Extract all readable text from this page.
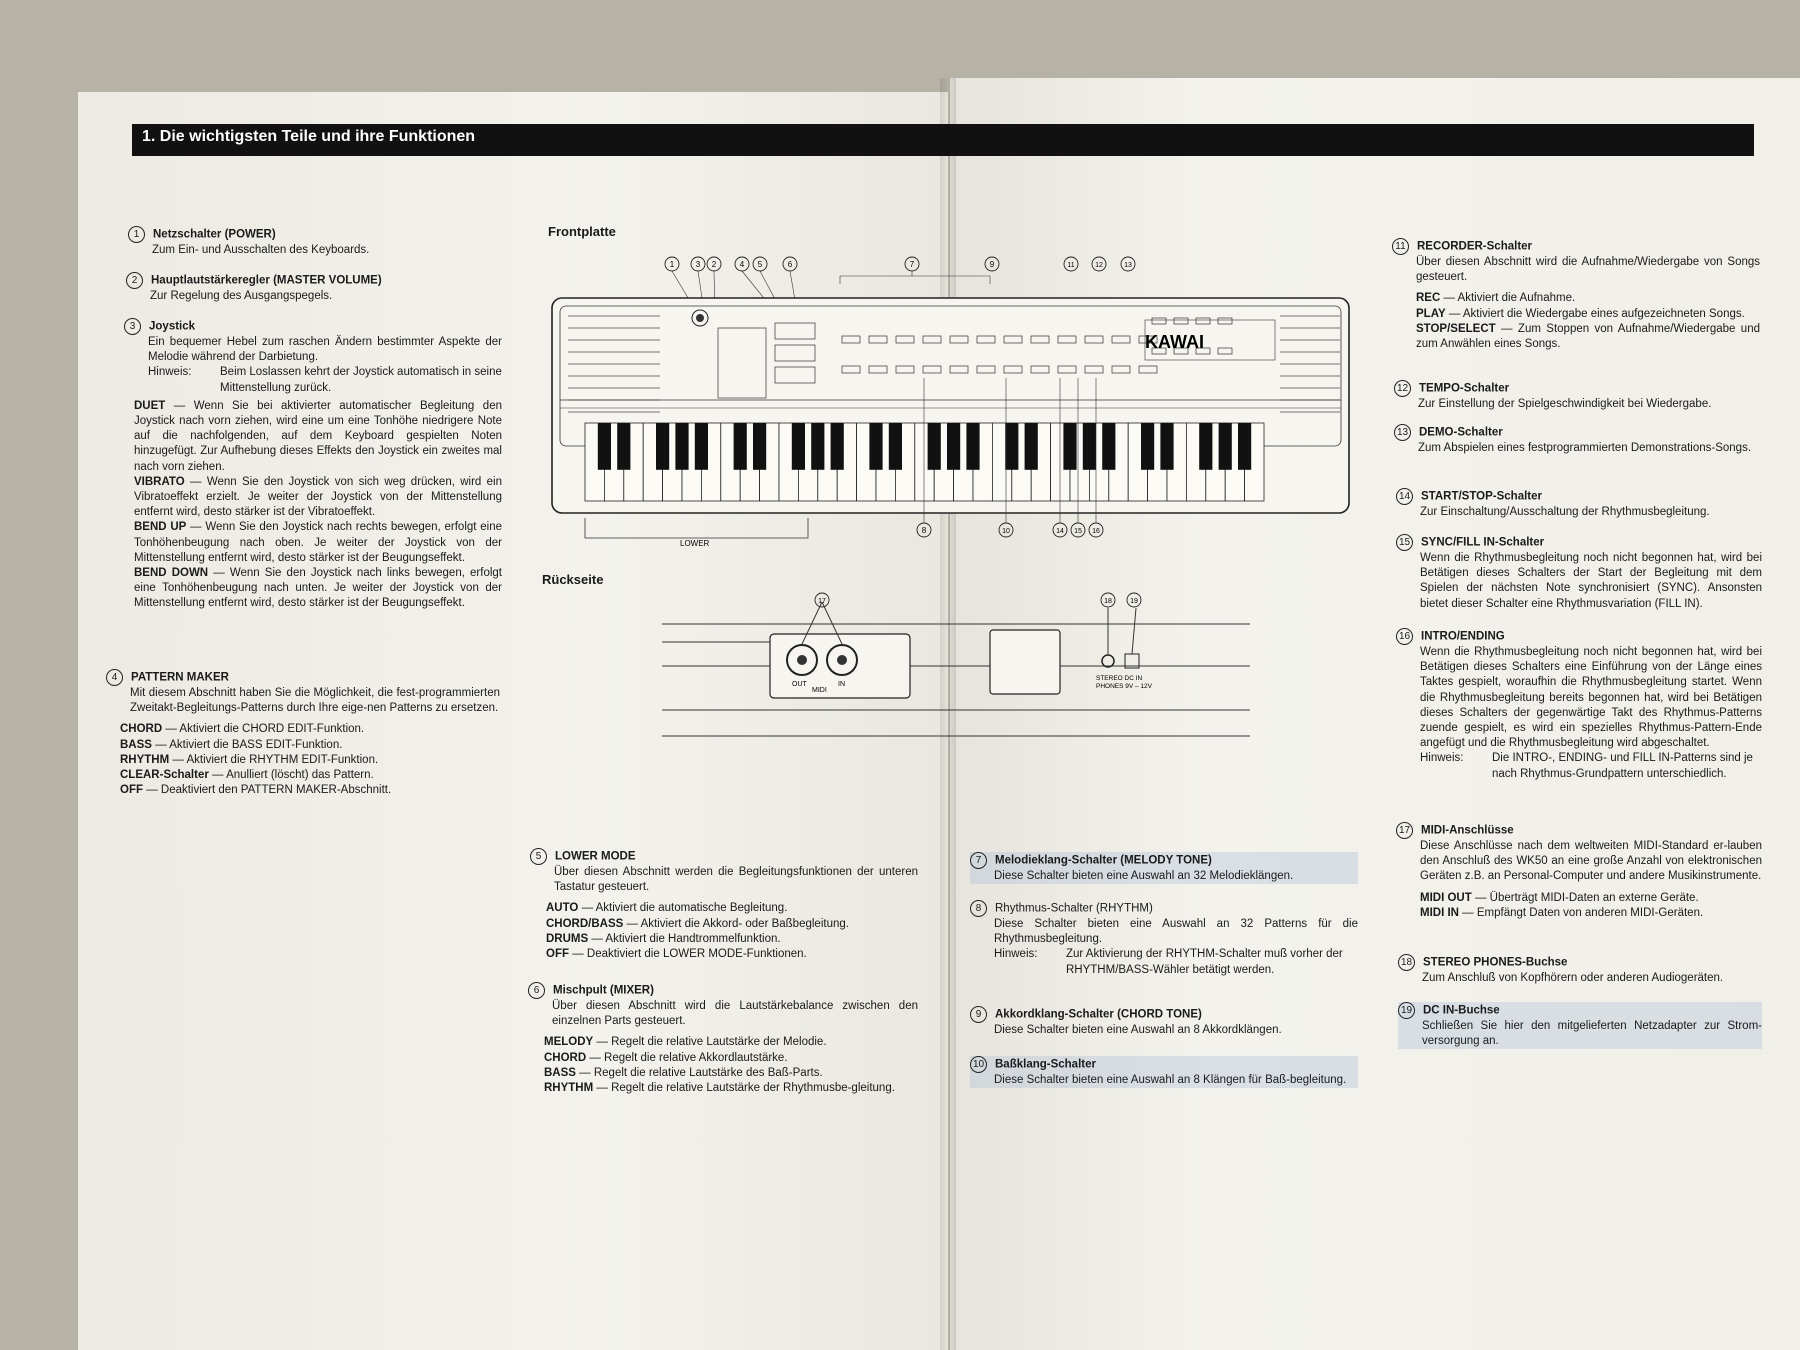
1. Die wichtigsten Teile und ihre Funktionen
Frontplatte
Rückseite
1	3 2	4 5	6	7	9	11	12	13
KAWAI
LOWER
8	10	14 15 16
OUT	IN
MIDI
STEREO DC IN
PHONES 9V – 12V
17	18	19
1 Netzschalter (POWER)
Zum Ein- und Ausschalten des Keyboards.
2 Hauptlautstärkeregler (MASTER VOLUME)
Zur Regelung des Ausgangspegels.
3 Joystick
Ein bequemer Hebel zum raschen Ändern bestimmter Aspekte der Melodie während der Darbietung.
Hinweis:	Beim Loslassen kehrt der Joystick automatisch in seine Mittenstellung zurück.

DUET — Wenn Sie bei aktivierter automatischer Begleitung den Joystick nach vorn ziehen, wird eine um eine Tonhöhe niedrigere Note auf die nachfolgenden, auf dem Keyboard gespielten Noten hinzugefügt. Zur Aufhebung dieses Effekts den Joystick ein zweites mal nach vorn ziehen.

VIBRATO — Wenn Sie den Joystick von sich weg drücken, wird ein Vibratoeffekt erzielt. Je weiter der Joystick von der Mittenstellung entfernt wird, desto stärker ist der Vibratoeffekt.

BEND UP — Wenn Sie den Joystick nach rechts bewegen, erfolgt eine Tonhöhenbeugung nach oben. Je weiter der Joystick von der Mittenstellung entfernt wird, desto stärker ist der Beugungseffekt.

BEND DOWN — Wenn Sie den Joystick nach links bewegen, erfolgt eine Tonhöhenbeugung nach unten. Je weiter der Joystick von der Mittenstellung entfernt wird, desto stärker ist der Beugungseffekt.

4 PATTERN MAKER
Mit diesem Abschnitt haben Sie die Möglichkeit, die fest-programmierten Zweitakt-Begleitungs-Patterns durch Ihre eige-nen Patterns zu ersetzen.

CHORD — Aktiviert die CHORD EDIT-Funktion.

BASS — Aktiviert die BASS EDIT-Funktion.

RHYTHM — Aktiviert die RHYTHM EDIT-Funktion.

CLEAR-Schalter — Anulliert (löscht) das Pattern.

OFF — Deaktiviert den PATTERN MAKER-Abschnitt.

5 LOWER MODE
Über diesen Abschnitt werden die Begleitungsfunktionen der unteren Tastatur gesteuert.

AUTO — Aktiviert die automatische Begleitung.

CHORD/BASS — Aktiviert die Akkord- oder Baßbegleitung.

DRUMS — Aktiviert die Handtrommelfunktion.

OFF — Deaktiviert die LOWER MODE-Funktionen.

6 Mischpult (MIXER)
Über diesen Abschnitt wird die Lautstärkebalance zwischen den einzelnen Parts gesteuert.

MELODY — Regelt die relative Lautstärke der Melodie.

CHORD — Regelt die relative Akkordlautstärke.

BASS — Regelt die relative Lautstärke des Baß-Parts.

RHYTHM — Regelt die relative Lautstärke der Rhythmusbe-gleitung.

7 Melodieklang-Schalter (MELODY TONE)
Diese Schalter bieten eine Auswahl an 32 Melodieklängen.
8 Rhythmus-Schalter (RHYTHM)
Diese Schalter bieten eine Auswahl an 32 Patterns für die Rhythmusbegleitung.
Hinweis:	Zur Aktivierung der RHYTHM-Schalter muß vorher der RHYTHM/BASS-Wähler betätigt werden.
9 Akkordklang-Schalter (CHORD TONE)
Diese Schalter bieten eine Auswahl an 8 Akkordklängen.
10 Baßklang-Schalter
Diese Schalter bieten eine Auswahl an 8 Klängen für Baß-begleitung.
11 RECORDER-Schalter
Über diesen Abschnitt wird die Aufnahme/Wiedergabe von Songs gesteuert.

REC — Aktiviert die Aufnahme.

PLAY — Aktiviert die Wiedergabe eines aufgezeichneten Songs.

STOP/SELECT — Zum Stoppen von Aufnahme/Wiedergabe und zum Anwählen eines Songs.

12 TEMPO-Schalter
Zur Einstellung der Spielgeschwindigkeit bei Wiedergabe.
13 DEMO-Schalter
Zum Abspielen eines festprogrammierten Demonstrations-Songs.
14 START/STOP-Schalter
Zur Einschaltung/Ausschaltung der Rhythmusbegleitung.
15 SYNC/FILL IN-Schalter
Wenn die Rhythmusbegleitung noch nicht begonnen hat, wird bei Betätigen dieses Schalters der Start der Begleitung mit dem Spielen der nächsten Note synchronisiert (SYNC). Ansonsten bietet dieser Schalter eine Rhythmusvariation (FILL IN).
16 INTRO/ENDING
Wenn die Rhythmusbegleitung noch nicht begonnen hat, wird bei Betätigen dieses Schalters eine Einführung von der Länge eines Taktes gespielt, woraufhin die Rhythmusbegleitung startet. Wenn die Rhythmusbegleitung bereits begonnen hat, wird bei Betätigen dieses Schalters der gegenwärtige Takt des Rhythmus-Patterns zuende gespielt, es wird ein spezielles Rhythmus-Pattern-Ende angefügt und die Rhythmusbegleitung wird abgeschaltet.
Hinweis:	Die INTRO-, ENDING- und FILL IN-Patterns sind je nach Rhythmus-Grundpattern unterschiedlich.
17 MIDI-Anschlüsse
Diese Anschlüsse nach dem weltweiten MIDI-Standard er-lauben den Anschluß des WK50 an eine große Anzahl von elektronischen Geräten z.B. an Personal-Computer und andere Musikinstrumente.

MIDI OUT — Überträgt MIDI-Daten an externe Geräte.

MIDI IN — Empfängt Daten von anderen MIDI-Geräten.

18 STEREO PHONES-Buchse
Zum Anschluß von Kopfhörern oder anderen Audiogeräten.
19 DC IN-Buchse
Schließen Sie hier den mitgelieferten Netzadapter zur Strom-versorgung an.
